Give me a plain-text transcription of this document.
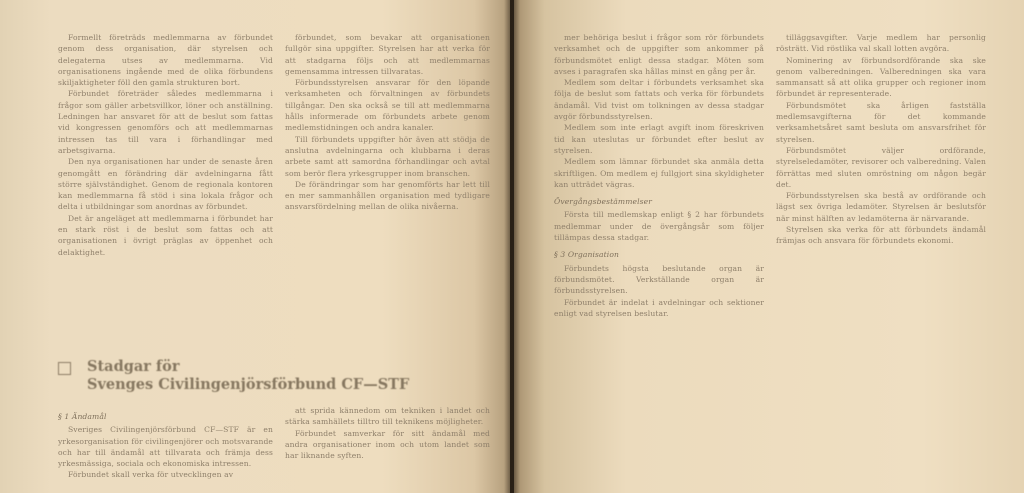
Formellt företräds medlemmarna av förbundet genom dess organisation, där styrelsen och delegaterna utses av medlemmarna. Vid organisationens ingående med de olika förbundens skiljaktigheter föll den gamla strukturen bort.

Förbundet företräder således medlemmarna i frågor som gäller arbetsvillkor, löner och anställning. Ledningen har ansvaret för att de beslut som fattas vid kongressen genomförs och att medlemmarnas intressen tas till vara i förhandlingar med arbetsgivarna.

Den nya organisationen har under de senaste åren genomgått en förändring där avdelningarna fått större självständighet. Genom de regionala kontoren kan medlemmarna få stöd i sina lokala frågor och delta i utbildningar som anordnas av förbundet.

Det är angeläget att medlemmarna i förbundet har en stark röst i de beslut som fattas och att organisationen i övrigt präglas av öppenhet och delaktighet.

förbundet, som bevakar att organisationen fullgör sina uppgifter. Styrelsen har att verka för att stadgarna följs och att medlemmarnas gemensamma intressen tillvaratas.

Förbundsstyrelsen ansvarar för den löpande verksamheten och förvaltningen av förbundets tillgångar. Den ska också se till att medlemmarna hålls informerade om förbundets arbete genom medlemstidningen och andra kanaler.

Till förbundets uppgifter hör även att stödja de anslutna avdelningarna och klubbarna i deras arbete samt att samordna förhandlingar och avtal som berör flera yrkesgrupper inom branschen.

De förändringar som har genomförts har lett till en mer sammanhållen organisation med tydligare ansvarsfördelning mellan de olika nivåerna.

Stadgar för
Svenges Civilingenjörsförbund CF—STF
§ 1 Ändamål

Sveriges Civilingenjörsförbund CF—STF är en yrkesorganisation för civilingenjörer och motsvarande och har till ändamål att tillvarata och främja dess yrkesmässiga, sociala och ekonomiska intressen.

Förbundet skall verka för utvecklingen av

att sprida kännedom om tekniken i landet och stärka samhällets tilltro till teknikens möjligheter.

Förbundet samverkar för sitt ändamål med andra organisationer inom och utom landet som har liknande syften.

mer behöriga beslut i frågor som rör förbundets verksamhet och de uppgifter som ankommer på förbundsmötet enligt dessa stadgar. Möten som avses i paragrafen ska hållas minst en gång per år.

Medlem som deltar i förbundets verksamhet ska följa de beslut som fattats och verka för förbundets ändamål. Vid tvist om tolkningen av dessa stadgar avgör förbundsstyrelsen.

Medlem som inte erlagt avgift inom föreskriven tid kan uteslutas ur förbundet efter beslut av styrelsen.

Medlem som lämnar förbundet ska anmäla detta skriftligen. Om medlem ej fullgjort sina skyldigheter kan utträdet vägras.

Övergångsbestämmelser

Första till medlemskap enligt § 2 har förbundets medlemmar under de övergångsår som följer tillämpas dessa stadgar.

§ 3 Organisation

Förbundets högsta beslutande organ är förbundsmötet. Verkställande organ är förbundsstyrelsen.

Förbundet är indelat i avdelningar och sektioner enligt vad styrelsen beslutar.

tilläggsavgifter. Varje medlem har personlig rösträtt. Vid röstlika val skall lotten avgöra.

Nominering av förbundsordförande ska ske genom valberedningen. Valberedningen ska vara sammansatt så att olika grupper och regioner inom förbundet är representerade.

Förbundsmötet ska årligen fastställa medlemsavgifterna för det kommande verksamhetsåret samt besluta om ansvarsfrihet för styrelsen.

Förbundsmötet väljer ordförande, styrelseledamöter, revisorer och valberedning. Valen förrättas med sluten omröstning om någon begär det.

Förbundsstyrelsen ska bestå av ordförande och lägst sex övriga ledamöter. Styrelsen är beslutsför när minst hälften av ledamöterna är närvarande.

Styrelsen ska verka för att förbundets ändamål främjas och ansvara för förbundets ekonomi.
